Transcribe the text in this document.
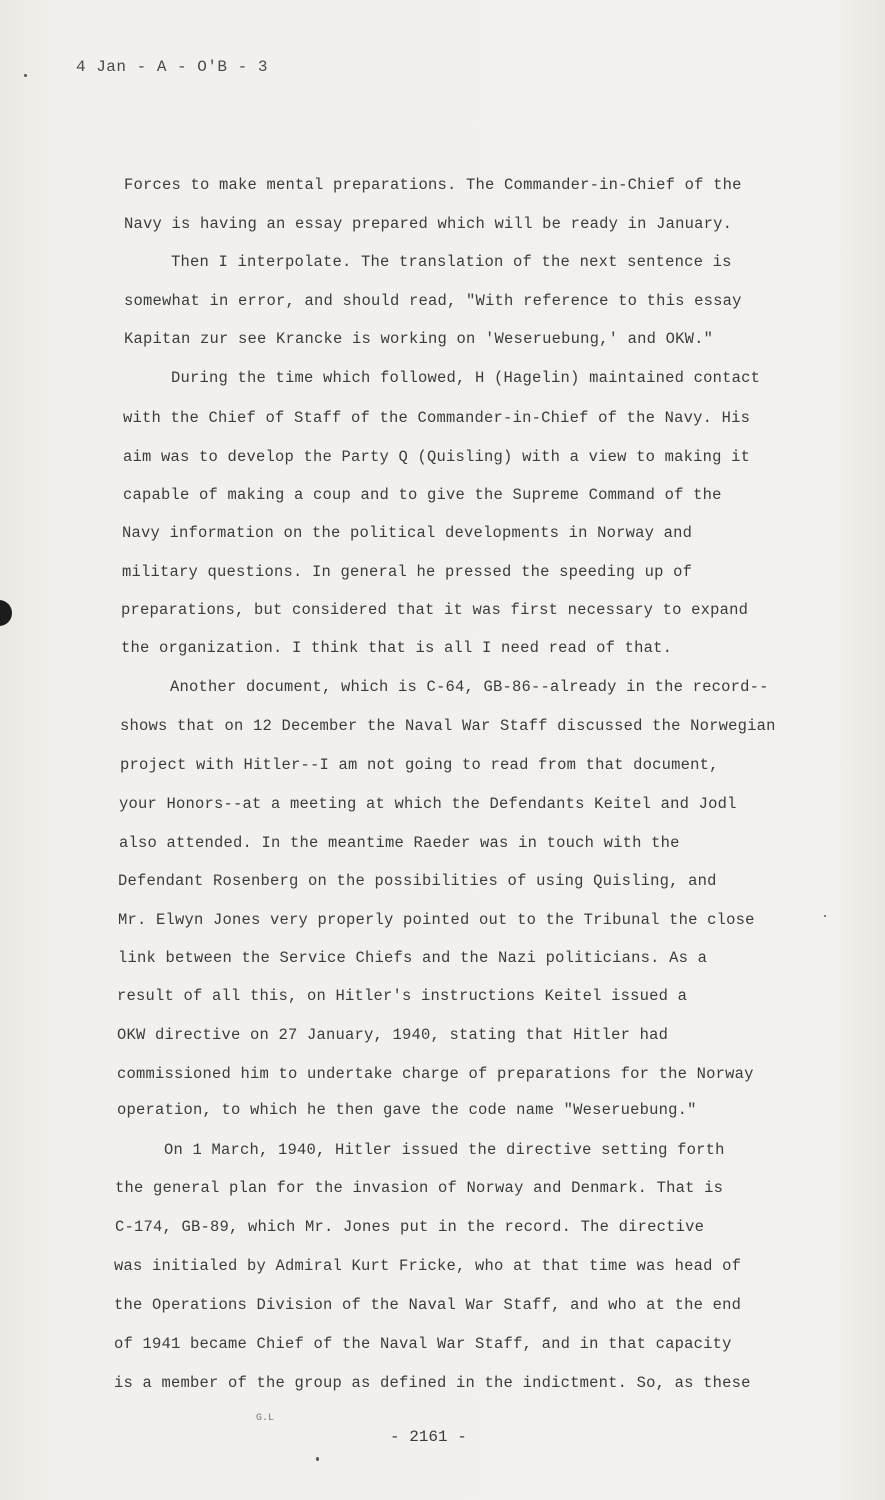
4 Jan - A - O'B - 3
Forces to make mental preparations. The Commander-in-Chief of the
Navy is having an essay prepared which will be ready in January.
Then I interpolate. The translation of the next sentence is
somewhat in error, and should read, "With reference to this essay
Kapitan zur see Krancke is working on 'Weseruebung,' and OKW."
During the time which followed, H (Hagelin) maintained contact
with the Chief of Staff of the Commander-in-Chief of the Navy. His
aim was to develop the Party Q (Quisling) with a view to making it
capable of making a coup and to give the Supreme Command of the
Navy information on the political developments in Norway and
military questions. In general he pressed the speeding up of
preparations, but considered that it was first necessary to expand
the organization. I think that is all I need read of that.
Another document, which is C-64, GB-86--already in the record--
shows that on 12 December the Naval War Staff discussed the Norwegian
project with Hitler--I am not going to read from that document,
your Honors--at a meeting at which the Defendants Keitel and Jodl
also attended. In the meantime Raeder was in touch with the
Defendant Rosenberg on the possibilities of using Quisling, and
Mr. Elwyn Jones very properly pointed out to the Tribunal the close
link between the Service Chiefs and the Nazi politicians. As a
result of all this, on Hitler's instructions Keitel issued a
OKW directive on 27 January, 1940, stating that Hitler had
commissioned him to undertake charge of preparations for the Norway
operation, to which he then gave the code name "Weseruebung."
On 1 March, 1940, Hitler issued the directive setting forth
the general plan for the invasion of Norway and Denmark. That is
C-174, GB-89, which Mr. Jones put in the record. The directive
was initialed by Admiral Kurt Fricke, who at that time was head of
the Operations Division of the Naval War Staff, and who at the end
of 1941 became Chief of the Naval War Staff, and in that capacity
is a member of the group as defined in the indictment. So, as these
G.L
- 2161 -
